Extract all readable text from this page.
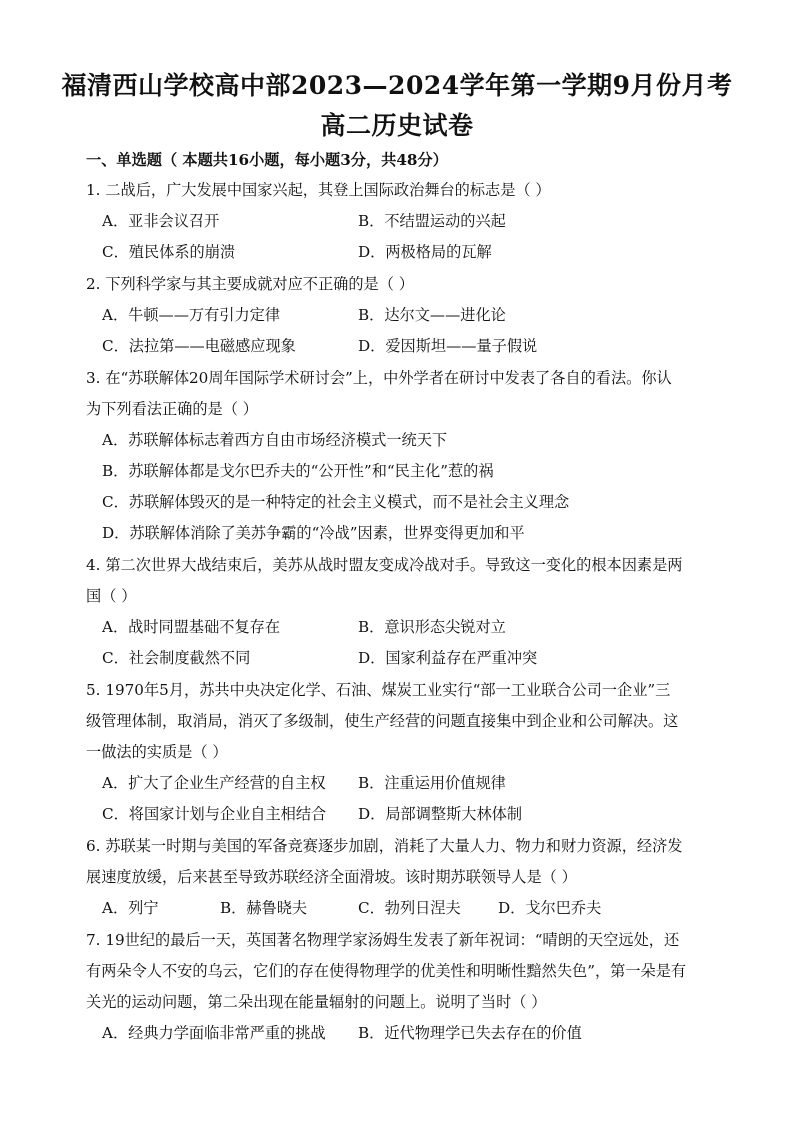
福清西山学校高中部2023—2024学年第一学期9月份月考
高二历史试卷
一、单选题（ 本题共16小题，每小题3分，共48分）
1. 二战后，广大发展中国家兴起，其登上国际政治舞台的标志是（ ）
A．亚非会议召开	B．不结盟运动的兴起
C．殖民体系的崩溃	D．两极格局的瓦解
2. 下列科学家与其主要成就对应不正确的是（ ）
A．牛顿——万有引力定律	B．达尔文——进化论
C．法拉第——电磁感应现象	D．爱因斯坦——量子假说
3. 在“苏联解体20周年国际学术研讨会”上，中外学者在研讨中发表了各自的看法。你认
为下列看法正确的是（ ）
A．苏联解体标志着西方自由市场经济模式一统天下
B．苏联解体都是戈尔巴乔夫的“公开性”和“民主化”惹的祸
C．苏联解体毁灭的是一种特定的社会主义模式，而不是社会主义理念
D．苏联解体消除了美苏争霸的“冷战”因素，世界变得更加和平
4. 第二次世界大战结束后，美苏从战时盟友变成冷战对手。导致这一变化的根本因素是两
国（ ）
A．战时同盟基础不复存在	B．意识形态尖锐对立
C．社会制度截然不同	D．国家利益存在严重冲突
5. 1970年5月，苏共中央决定化学、石油、煤炭工业实行“部一工业联合公司一企业”三
级管理体制，取消局，消灭了多级制，使生产经营的问题直接集中到企业和公司解决。这
一做法的实质是（ ）
A．扩大了企业生产经营的自主权 B．注重运用价值规律
C．将国家计划与企业自主相结合 D．局部调整斯大林体制
6. 苏联某一时期与美国的军备竞赛逐步加剧，消耗了大量人力、物力和财力资源，经济发
展速度放缓，后来甚至导致苏联经济全面滑坡。该时期苏联领导人是（ ）
A．列宁	B．赫鲁晓夫	C．勃列日涅夫 D．戈尔巴乔夫
7. 19世纪的最后一天，英国著名物理学家汤姆生发表了新年祝词：“晴朗的天空远处，还
有两朵令人不安的乌云，它们的存在使得物理学的优美性和明晰性黯然失色”，第一朵是有
关光的运动问题，第二朵出现在能量辐射的问题上。说明了当时（ ）
A．经典力学面临非常严重的挑战 B．近代物理学已失去存在的价值
